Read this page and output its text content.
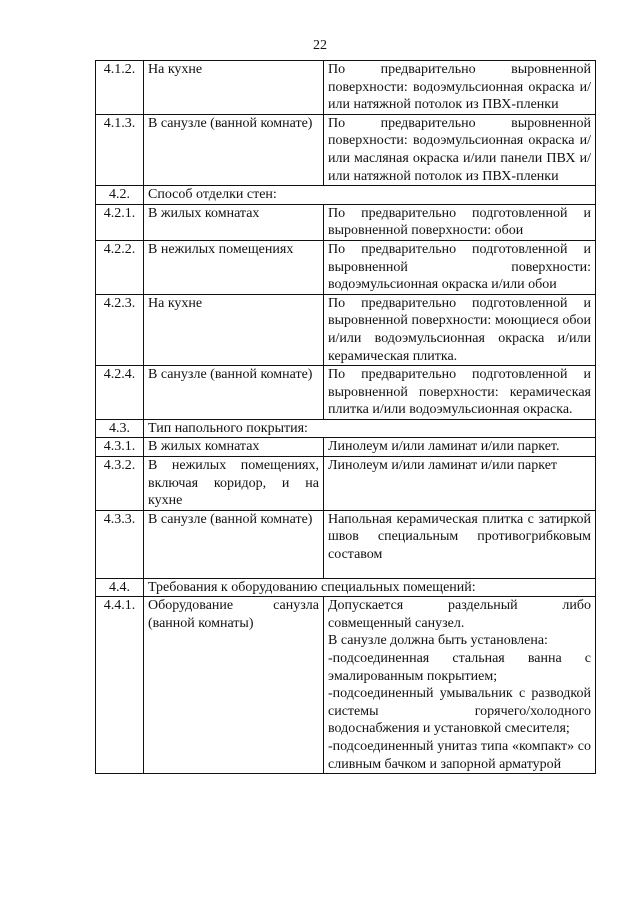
22
4.1.2.	На кухне	По предварительно выровненной поверхности: водоэмульсионная окраска и/или натяжной потолок из ПВХ-пленки

4.1.3.	В санузле (ванной комнате)	По предварительно выровненной поверхности: водоэмульсионная окраска и/или масляная окраска и/или панели ПВХ и/или натяжной потолок из ПВХ-пленки

4.2.	Способ отделки стен:	
4.2.1.	В жилых комнатах	По предварительно подготовленной и выровненной поверхности: обои

4.2.2.	В нежилых помещениях	По предварительно подготовленной и выровненной поверхности: водоэмульсионная окраска и/или обои

4.2.3.	На кухне	По предварительно подготовленной и выровненной поверхности: моющиеся обои и/или водоэмульсионная окраска и/или керамическая плитка.

4.2.4.	В санузле (ванной комнате)	По предварительно подготовленной и выровненной поверхности: керамическая плитка и/или водоэмульсионная окраска.

4.3.	Тип напольного покрытия:	
4.3.1.	В жилых комнатах	Линолеум и/или ламинат и/или паркет.

4.3.2.	В нежилых помещениях, включая коридор, и на кухне	Линолеум и/или ламинат и/или паркет

4.3.3.	В санузле (ванной комнате)	Напольная керамическая плитка с затиркой швов специальным противогрибковым составом

4.4.	Требования к оборудованию специальных помещений:	
4.4.1.	Оборудование санузла (ванной комнаты)	Допускается раздельный либо совмещенный санузел.
В санузле должна быть установлена:
-подсоединенная стальная ванна с эмалированным покрытием;
-подсоединенный умывальник с разводкой системы горячего/холодного водоснабжения и установкой смесителя;
-подсоединенный унитаз типа «компакт» со сливным бачком и запорной арматурой
